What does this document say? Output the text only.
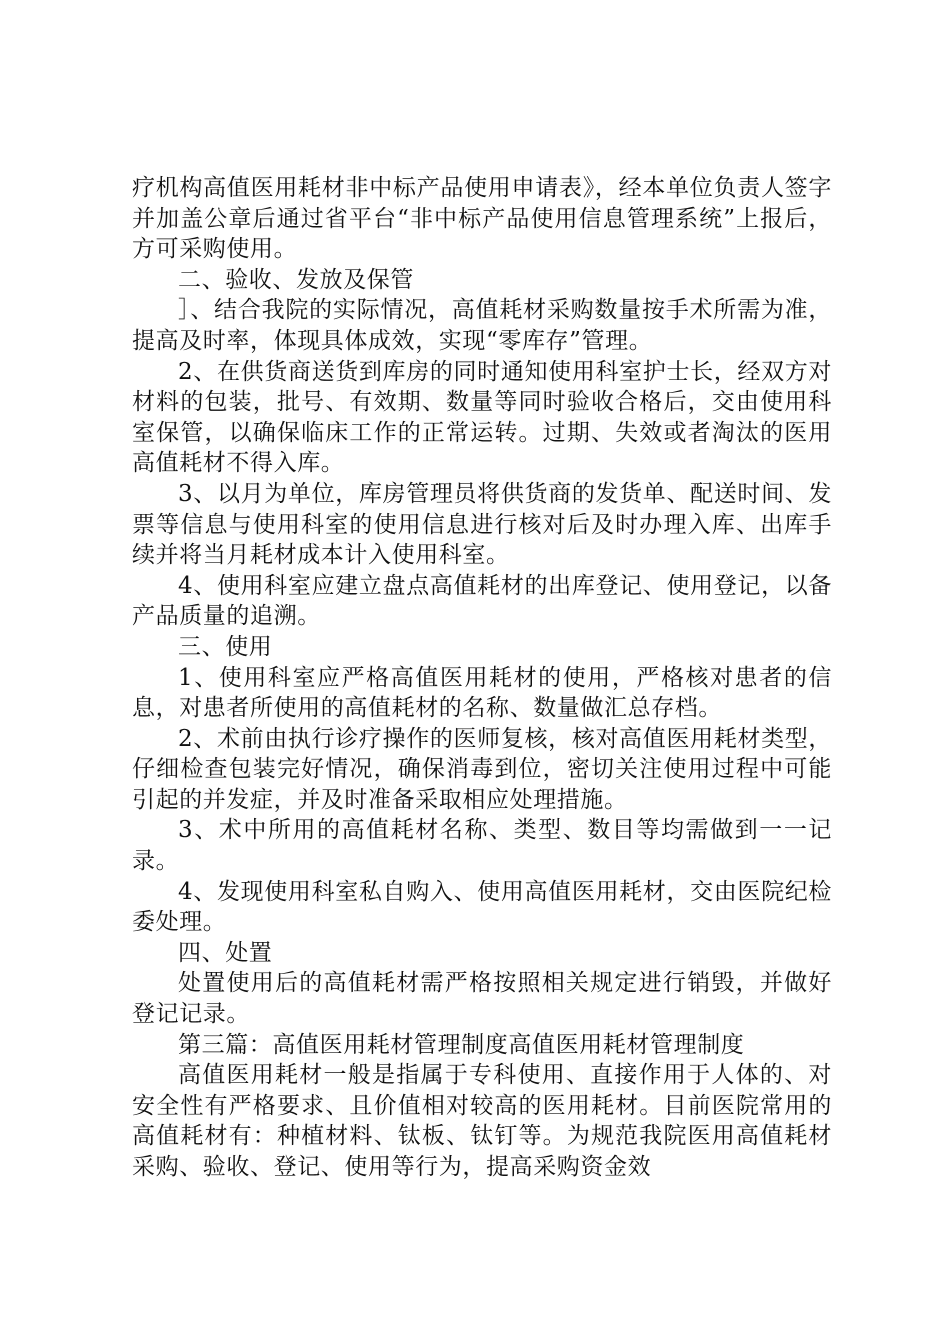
疗机构高值医用耗材非中标产品使用申请表》，经本单位负责人签字并加盖公章后通过省平台“非中标产品使用信息管理系统”上报后，方可采购使用。

二、验收、发放及保管

］、结合我院的实际情况，高值耗材采购数量按手术所需为准，提高及时率，体现具体成效，实现“零库存”管理。

2、在供货商送货到库房的同时通知使用科室护士长，经双方对材料的包装，批号、有效期、数量等同时验收合格后，交由使用科室保管，以确保临床工作的正常运转。过期、失效或者淘汰的医用高值耗材不得入库。

3、以月为单位，库房管理员将供货商的发货单、配送时间、发票等信息与使用科室的使用信息进行核对后及时办理入库、出库手续并将当月耗材成本计入使用科室。

4、使用科室应建立盘点高值耗材的出库登记、使用登记，以备产品质量的追溯。

三、使用

1、使用科室应严格高值医用耗材的使用，严格核对患者的信息，对患者所使用的高值耗材的名称、数量做汇总存档。

2、术前由执行诊疗操作的医师复核，核对高值医用耗材类型，仔细检查包装完好情况，确保消毒到位，密切关注使用过程中可能引起的并发症，并及时准备采取相应处理措施。

3、术中所用的高值耗材名称、类型、数目等均需做到一一记录。

4、发现使用科室私自购入、使用高值医用耗材，交由医院纪检委处理。

四、处置

处置使用后的高值耗材需严格按照相关规定进行销毁，并做好登记记录。

第三篇：高值医用耗材管理制度高值医用耗材管理制度

高值医用耗材一般是指属于专科使用、直接作用于人体的、对安全性有严格要求、且价值相对较高的医用耗材。目前医院常用的高值耗材有：种植材料、钛板、钛钉等。为规范我院医用高值耗材采购、验收、登记、使用等行为，提高采购资金效
